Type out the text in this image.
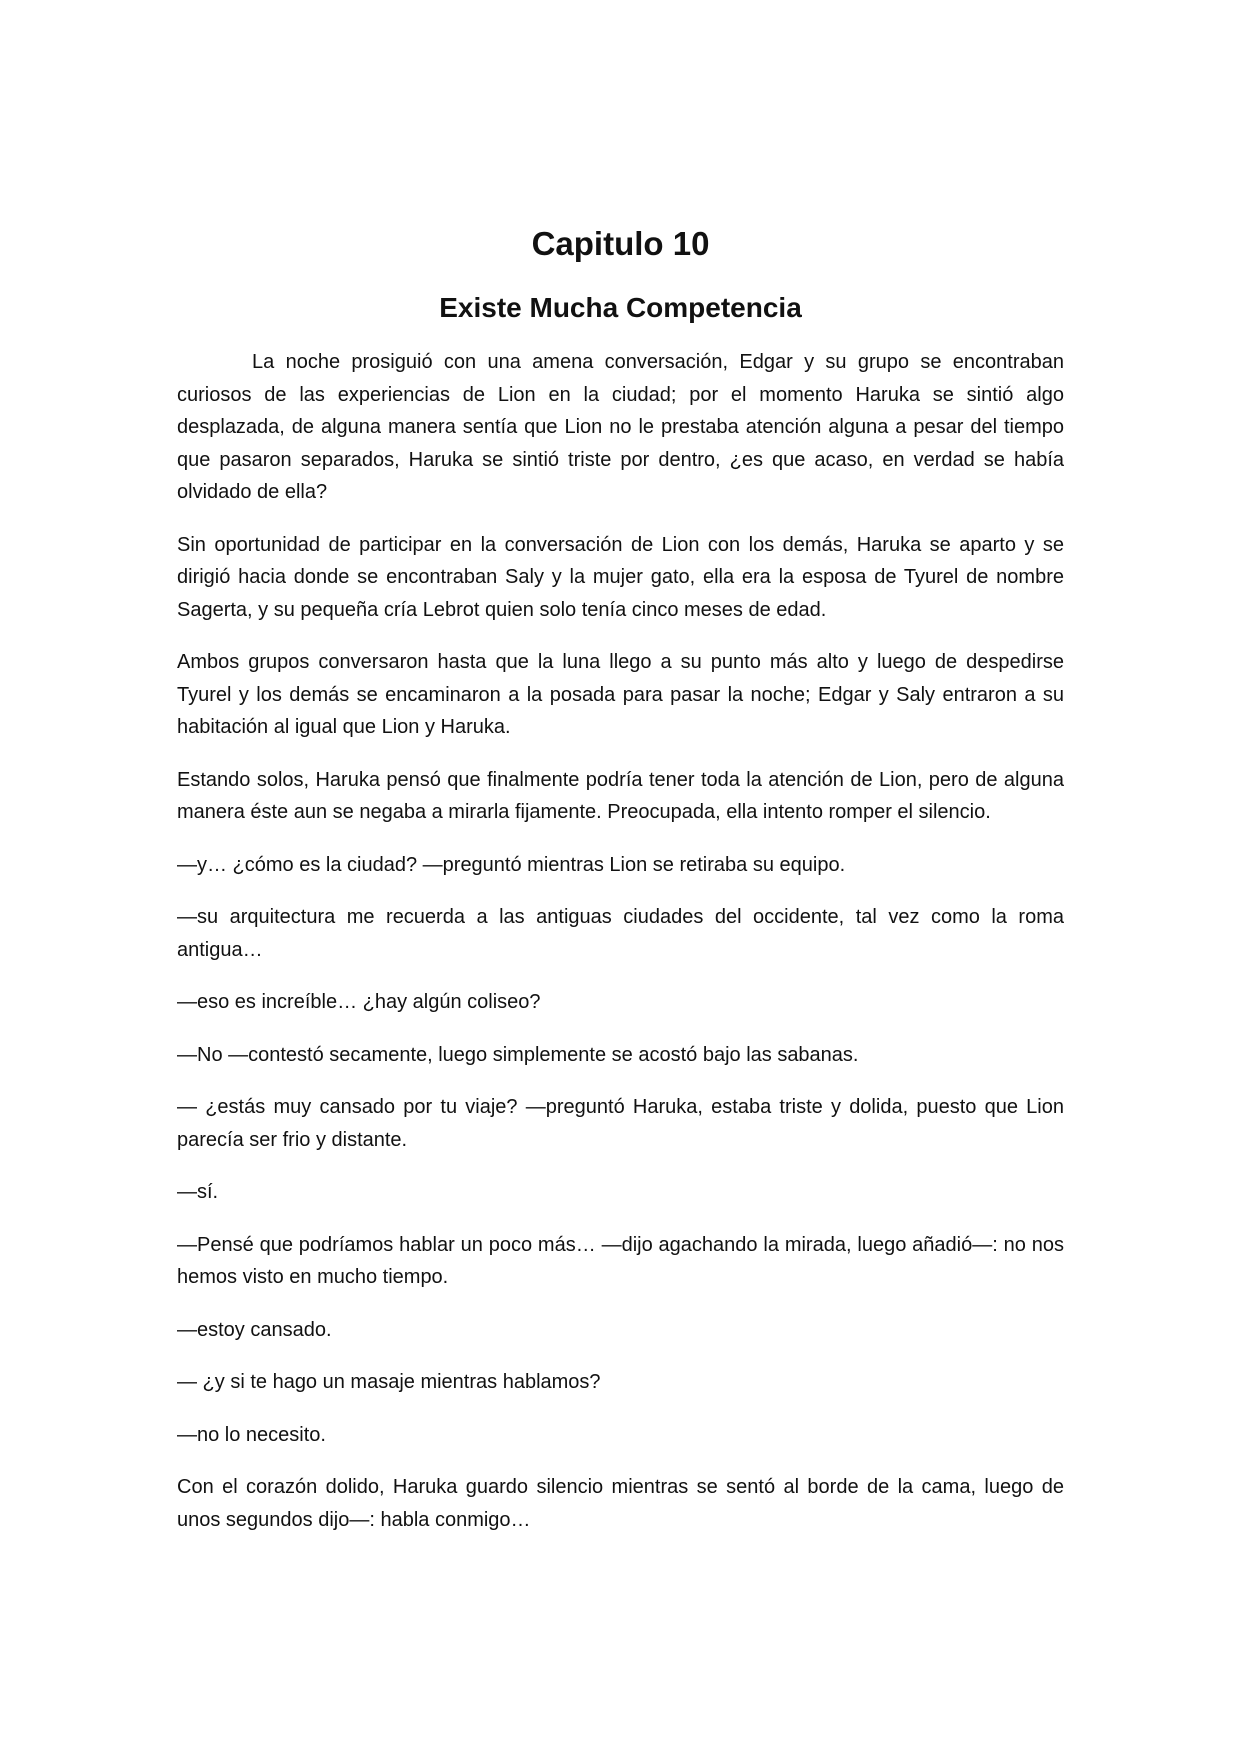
Capitulo 10
Existe Mucha Competencia

La noche prosiguió con una amena conversación, Edgar y su grupo se encontraban curiosos de las experiencias de Lion en la ciudad; por el momento Haruka se sintió algo desplazada, de alguna manera sentía que Lion no le prestaba atención alguna a pesar del tiempo que pasaron separados, Haruka se sintió triste por dentro, ¿es que acaso, en verdad se había olvidado de ella?

Sin oportunidad de participar en la conversación de Lion con los demás, Haruka se aparto y se dirigió hacia donde se encontraban Saly y la mujer gato, ella era la esposa de Tyurel de nombre Sagerta, y su pequeña cría Lebrot quien solo tenía cinco meses de edad.

Ambos grupos conversaron hasta que la luna llego a su punto más alto y luego de despedirse Tyurel y los demás se encaminaron a la posada para pasar la noche; Edgar y Saly entraron a su habitación al igual que Lion y Haruka.

Estando solos, Haruka pensó que finalmente podría tener toda la atención de Lion, pero de alguna manera éste aun se negaba a mirarla fijamente. Preocupada, ella intento romper el silencio.

—y… ¿cómo es la ciudad? —preguntó mientras Lion se retiraba su equipo.

—su arquitectura me recuerda a las antiguas ciudades del occidente, tal vez como la roma antigua…

—eso es increíble… ¿hay algún coliseo?

—No —contestó secamente, luego simplemente se acostó bajo las sabanas.

— ¿estás muy cansado por tu viaje? —preguntó Haruka, estaba triste y dolida, puesto que Lion parecía ser frio y distante.

—sí.

—Pensé que podríamos hablar un poco más… —dijo agachando la mirada, luego añadió—: no nos hemos visto en mucho tiempo.

—estoy cansado.

— ¿y si te hago un masaje mientras hablamos?

—no lo necesito.

Con el corazón dolido, Haruka guardo silencio mientras se sentó al borde de la cama, luego de unos segundos dijo—: habla conmigo…
